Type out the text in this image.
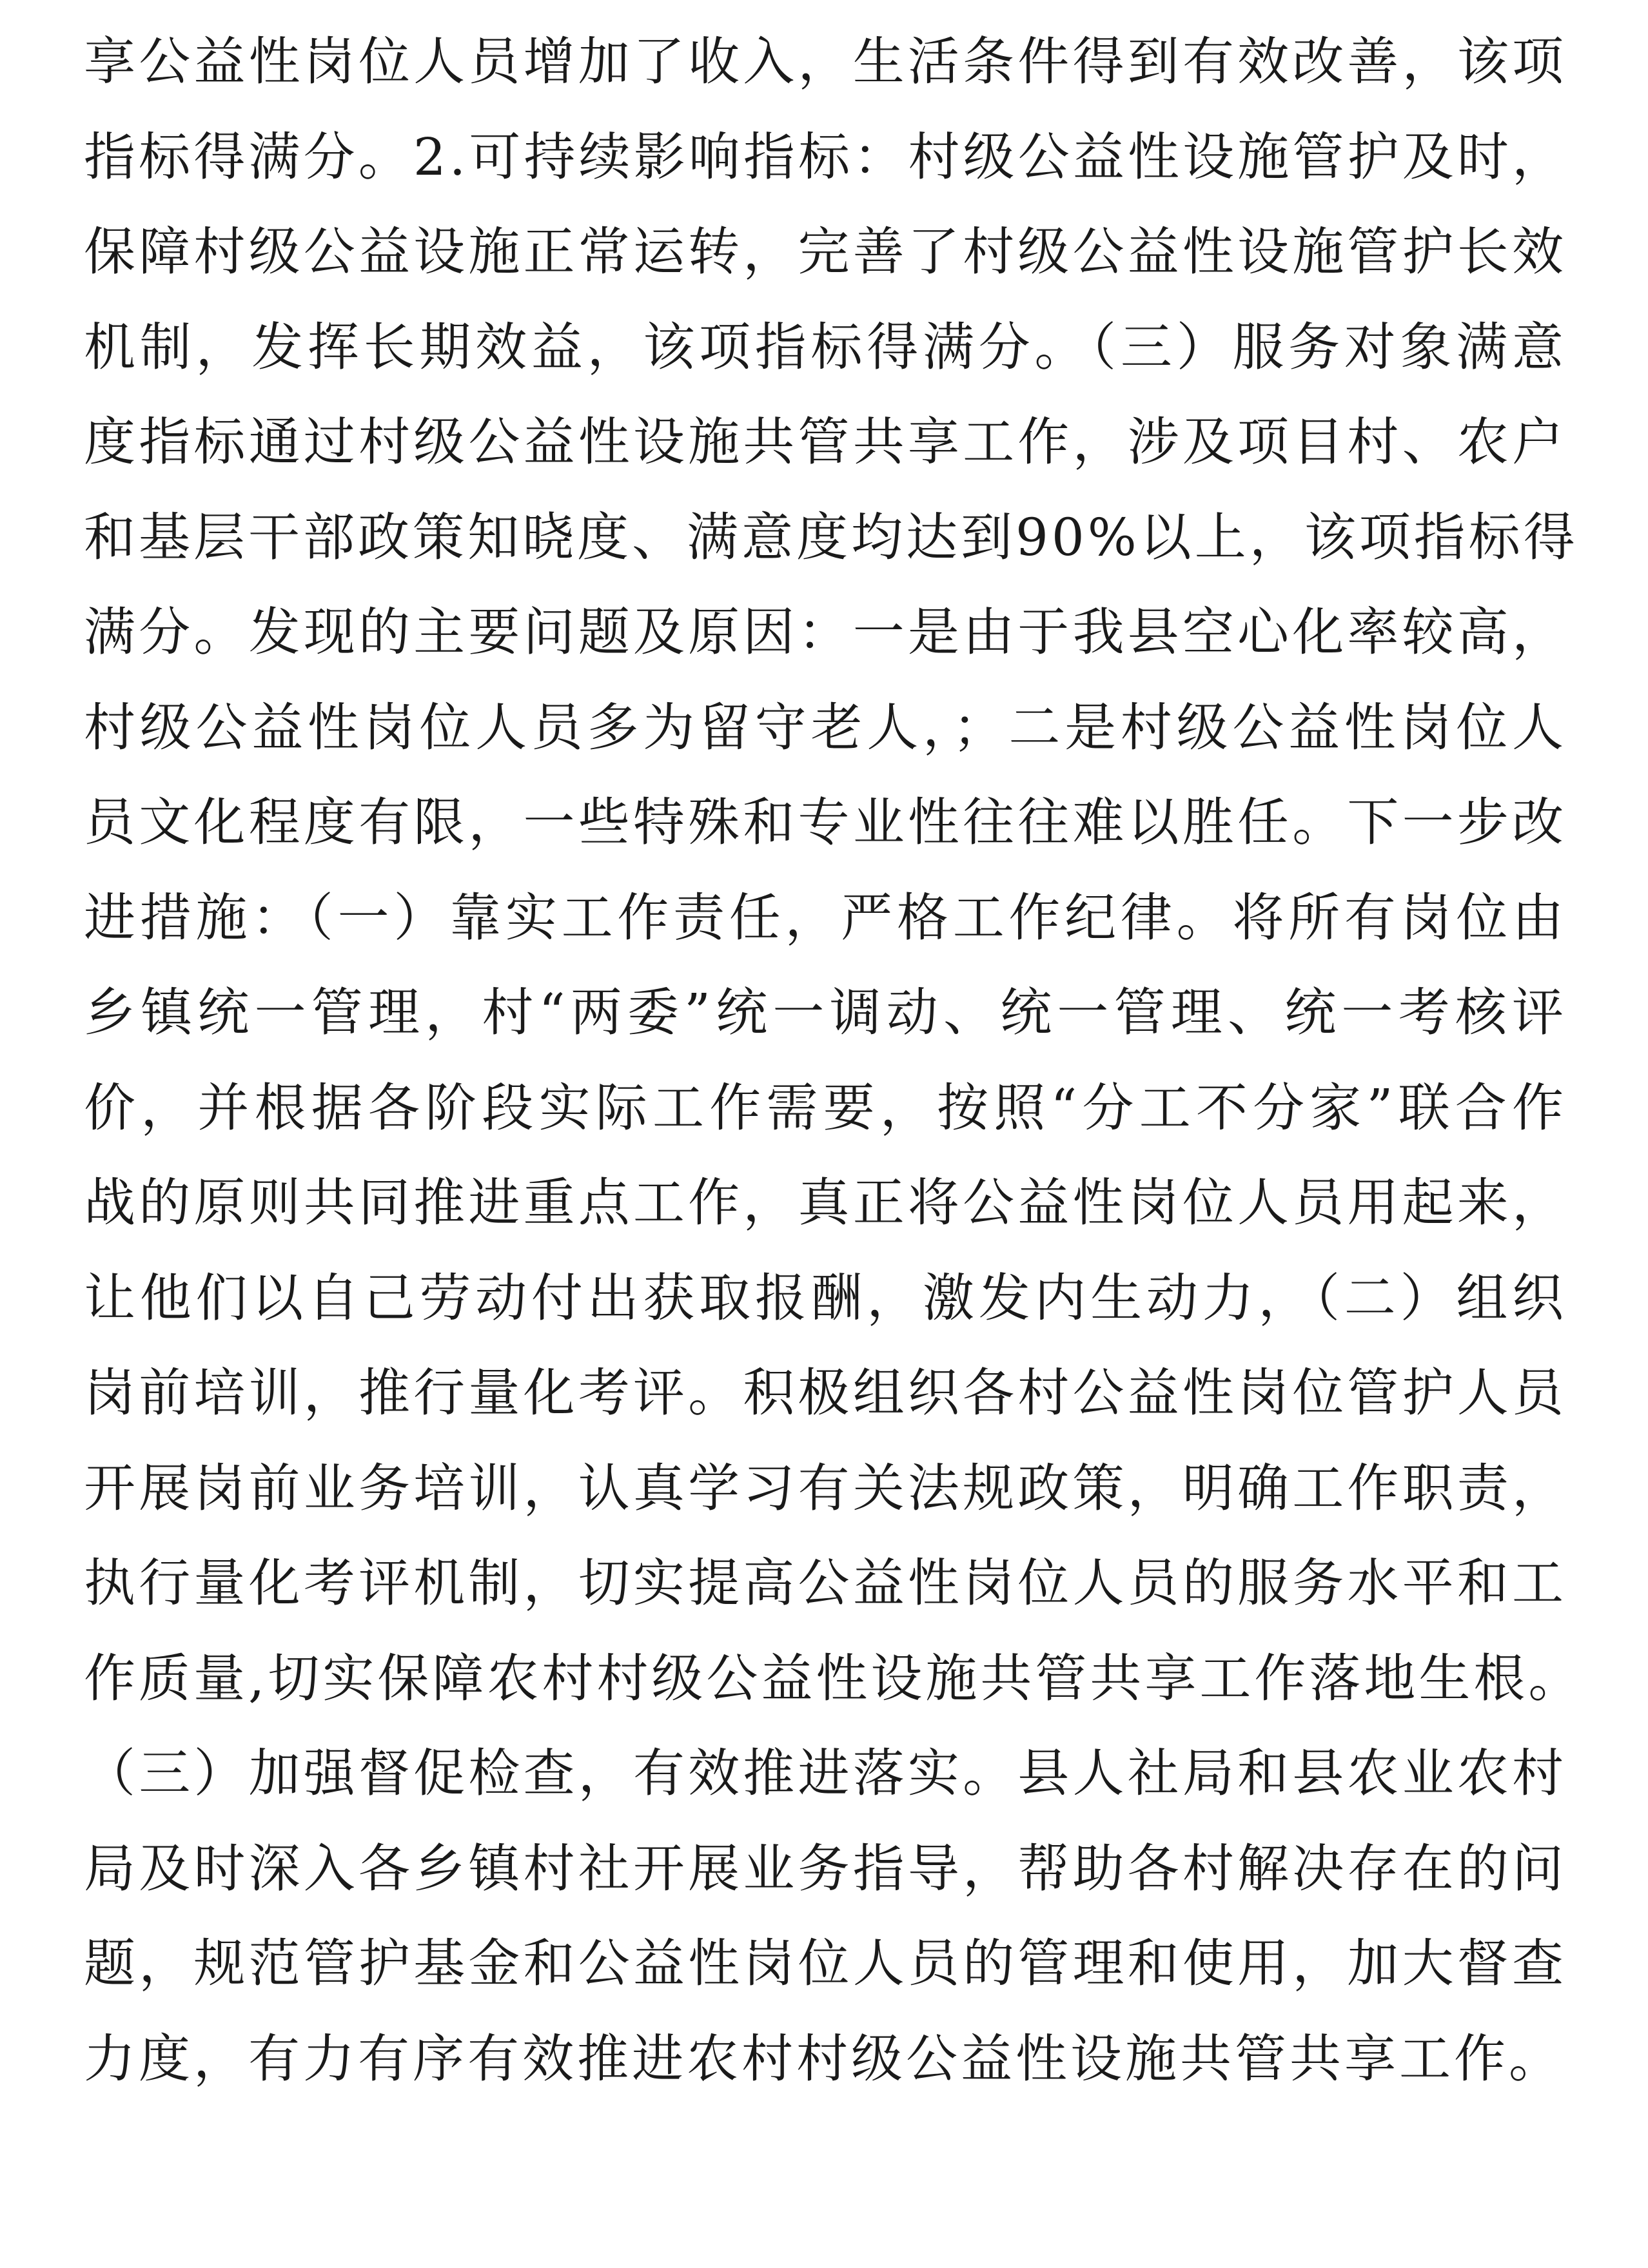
享公益性岗位人员增加了收入，生活条件得到有效改善，该项
指标得满分。2.可持续影响指标：村级公益性设施管护及时，
保障村级公益设施正常运转，完善了村级公益性设施管护长效
机制，发挥长期效益，该项指标得满分。（三）服务对象满意
度指标通过村级公益性设施共管共享工作，涉及项目村、农户
和基层干部政策知晓度、满意度均达到90%以上，该项指标得
满分。发现的主要问题及原因：一是由于我县空心化率较高，
村级公益性岗位人员多为留守老人，；二是村级公益性岗位人
员文化程度有限，一些特殊和专业性往往难以胜任。下一步改
进措施：（一）靠实工作责任，严格工作纪律。将所有岗位由
乡镇统一管理，村“两委”统一调动、统一管理、统一考核评
价，并根据各阶段实际工作需要，按照“分工不分家”联合作
战的原则共同推进重点工作，真正将公益性岗位人员用起来，
让他们以自己劳动付出获取报酬，激发内生动力，（二）组织
岗前培训，推行量化考评。积极组织各村公益性岗位管护人员
开展岗前业务培训，认真学习有关法规政策，明确工作职责，
执行量化考评机制，切实提高公益性岗位人员的服务水平和工
作质量,切实保障农村村级公益性设施共管共享工作落地生根。
（三）加强督促检查，有效推进落实。县人社局和县农业农村
局及时深入各乡镇村社开展业务指导，帮助各村解决存在的问
题，规范管护基金和公益性岗位人员的管理和使用，加大督查
力度，有力有序有效推进农村村级公益性设施共管共享工作。
